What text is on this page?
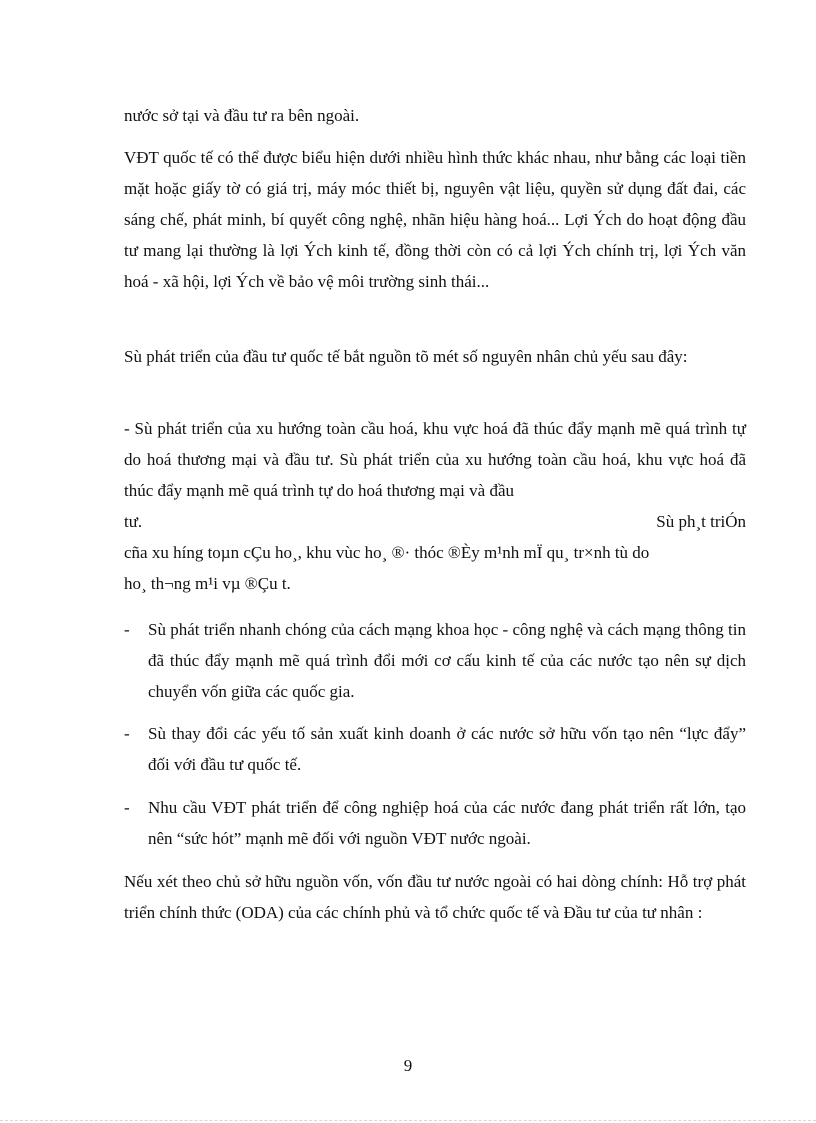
nước sở tại và đầu tư ra bên ngoài.
VĐT quốc tế có thể được biểu hiện dưới nhiều hình thức khác nhau, như bằng các loại tiền mặt hoặc giấy tờ có giá trị, máy móc thiết bị, nguyên vật liệu, quyền sử dụng đất đai, các sáng chế, phát minh, bí quyết công nghệ, nhãn hiệu hàng hoá... Lợi Ých do hoạt động đầu tư mang lại thường là lợi Ých kinh tế, đồng thời còn có cả lợi Ých chính trị, lợi Ých văn hoá - xã hội, lợi Ých về bảo vệ môi trường sinh thái...
Sù phát triển của đầu tư quốc tế bắt nguồn tõ mét số nguyên nhân chủ yếu sau đây:

- Sù phát triển của xu hướng toàn cầu hoá, khu vực hoá đã thúc đẩy mạnh mẽ quá trình tự do hoá thương mại và đầu tư. Sù phát triển của xu hướng toàn cầu hoá, khu vực hoá đã thúc đẩy mạnh mẽ quá trình tự do hoá thương mại và đầu

tư.	Sù ph¸t triÓn
cña xu híng toµn cÇu ho¸, khu vùc ho¸ ®· thóc ®Èy m¹nh mÏ qu¸ tr×nh tù do
ho¸ th¬ng m¹i vµ ®Çu t.
- Sù phát triển nhanh chóng của cách mạng khoa học - công nghệ và cách mạng thông tin đã thúc đẩy mạnh mẽ quá trình đổi mới cơ cấu kinh tế của các nước tạo nên sự dịch chuyển vốn giữa các quốc gia.
- Sù thay đổi các yếu tố sản xuất kinh doanh ở các nước sở hữu vốn tạo nên “lực đẩy” đối với đầu tư quốc tế.
- Nhu cầu VĐT phát triển để công nghiệp hoá của các nước đang phát triển rất lớn, tạo nên “sức hót” mạnh mẽ đối với nguồn VĐT nước ngoài.
Nếu xét theo chủ sở hữu nguồn vốn, vốn đầu tư nước ngoài có hai dòng chính: Hỗ trợ phát triển chính thức (ODA) của các chính phủ và tổ chức quốc tế và Đầu tư của tư nhân :
9
